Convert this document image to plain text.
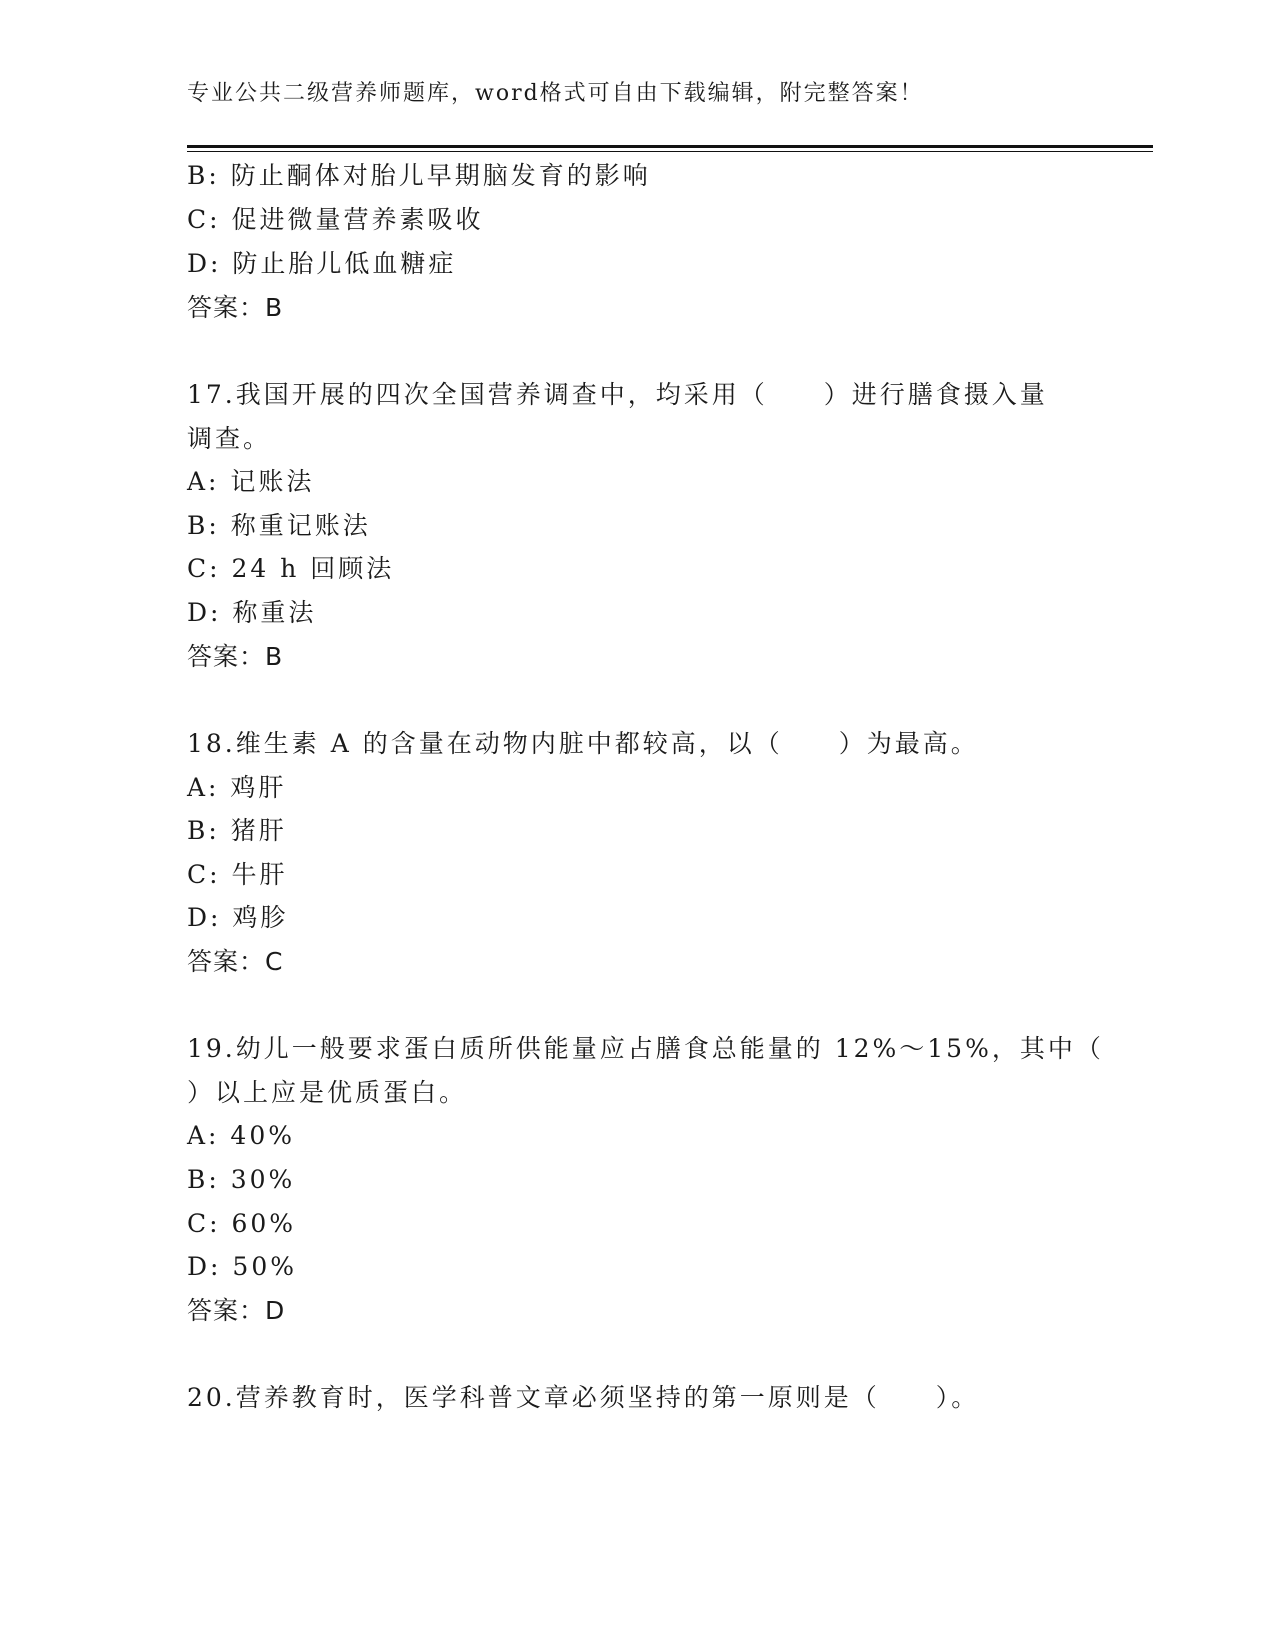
专业公共二级营养师题库，word格式可自由下载编辑，附完整答案！
B: 防止酮体对胎儿早期脑发育的影响
C: 促进微量营养素吸收
D: 防止胎儿低血糖症
答案：B
17.我国开展的四次全国营养调查中，均采用（　　）进行膳食摄入量
调查。
A: 记账法
B: 称重记账法
C: 24 h 回顾法
D: 称重法
答案：B
18.维生素 A 的含量在动物内脏中都较高，以（　　）为最高。
A: 鸡肝
B: 猪肝
C: 牛肝
D: 鸡胗
答案：C
19.幼儿一般要求蛋白质所供能量应占膳食总能量的 12%～15%，其中（
）以上应是优质蛋白。
A: 40%
B: 30%
C: 60%
D: 50%
答案：D
20.营养教育时，医学科普文章必须坚持的第一原则是（　　）。
